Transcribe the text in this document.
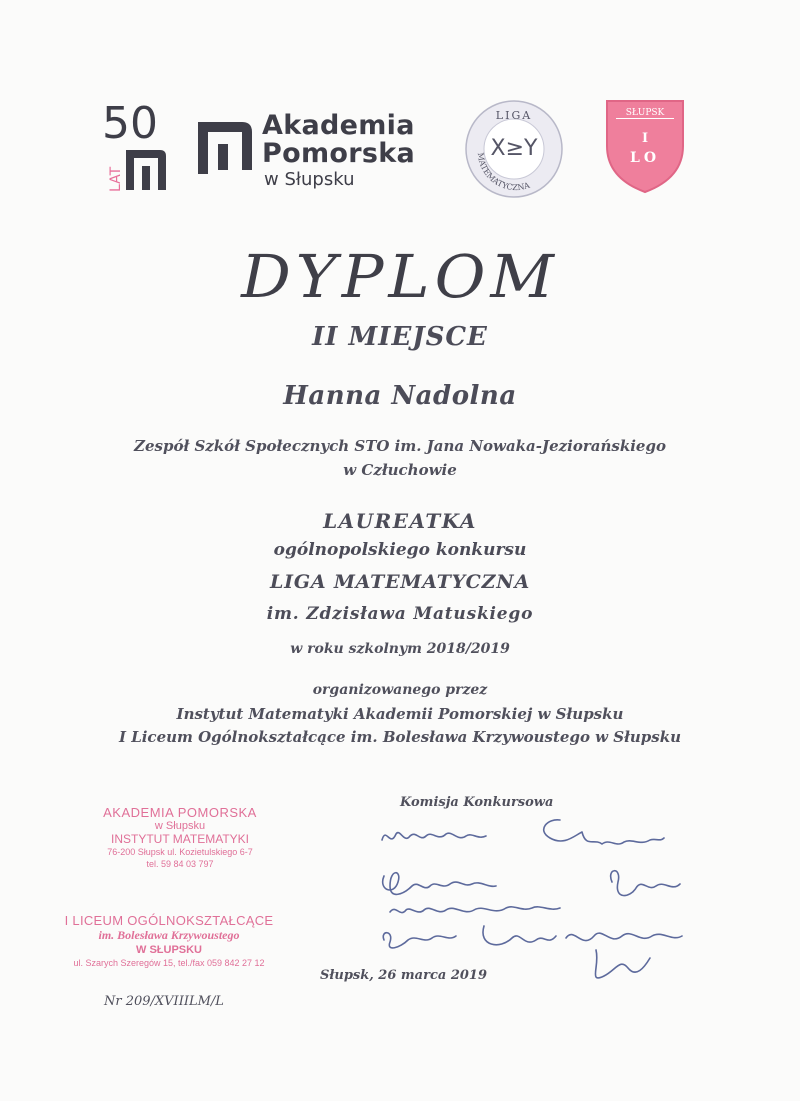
50
LAT
Akademia
Pomorska
w Słupsku
LIGA
X≥Y
MATEMATYCZNA
SŁUPSK
I
LO
DYPLOM
II MIEJSCE
Hanna Nadolna
Zespół Szkół Społecznych STO im. Jana Nowaka-Jeziorańskiego
w Człuchowie
LAUREATKA
ogólnopolskiego konkursu
LIGA MATEMATYCZNA
im. Zdzisława Matuskiego
w roku szkolnym 2018/2019
organizowanego przez
Instytut Matematyki Akademii Pomorskiej w Słupsku
I Liceum Ogólnokształcące im. Bolesława Krzywoustego w Słupsku
Komisja Konkursowa
Słupsk, 26 marca 2019
Nr 209/XVIIILM/L
AKADEMIA POMORSKA
w Słupsku
INSTYTUT MATEMATYKI
76-200 Słupsk ul. Kozietulskiego 6-7
tel. 59 84 03 797
I LICEUM OGÓLNOKSZTAŁCĄCE
im. Bolesława Krzywoustego
W SŁUPSKU
ul. Szarych Szeregów 15, tel./fax 059 842 27 12
